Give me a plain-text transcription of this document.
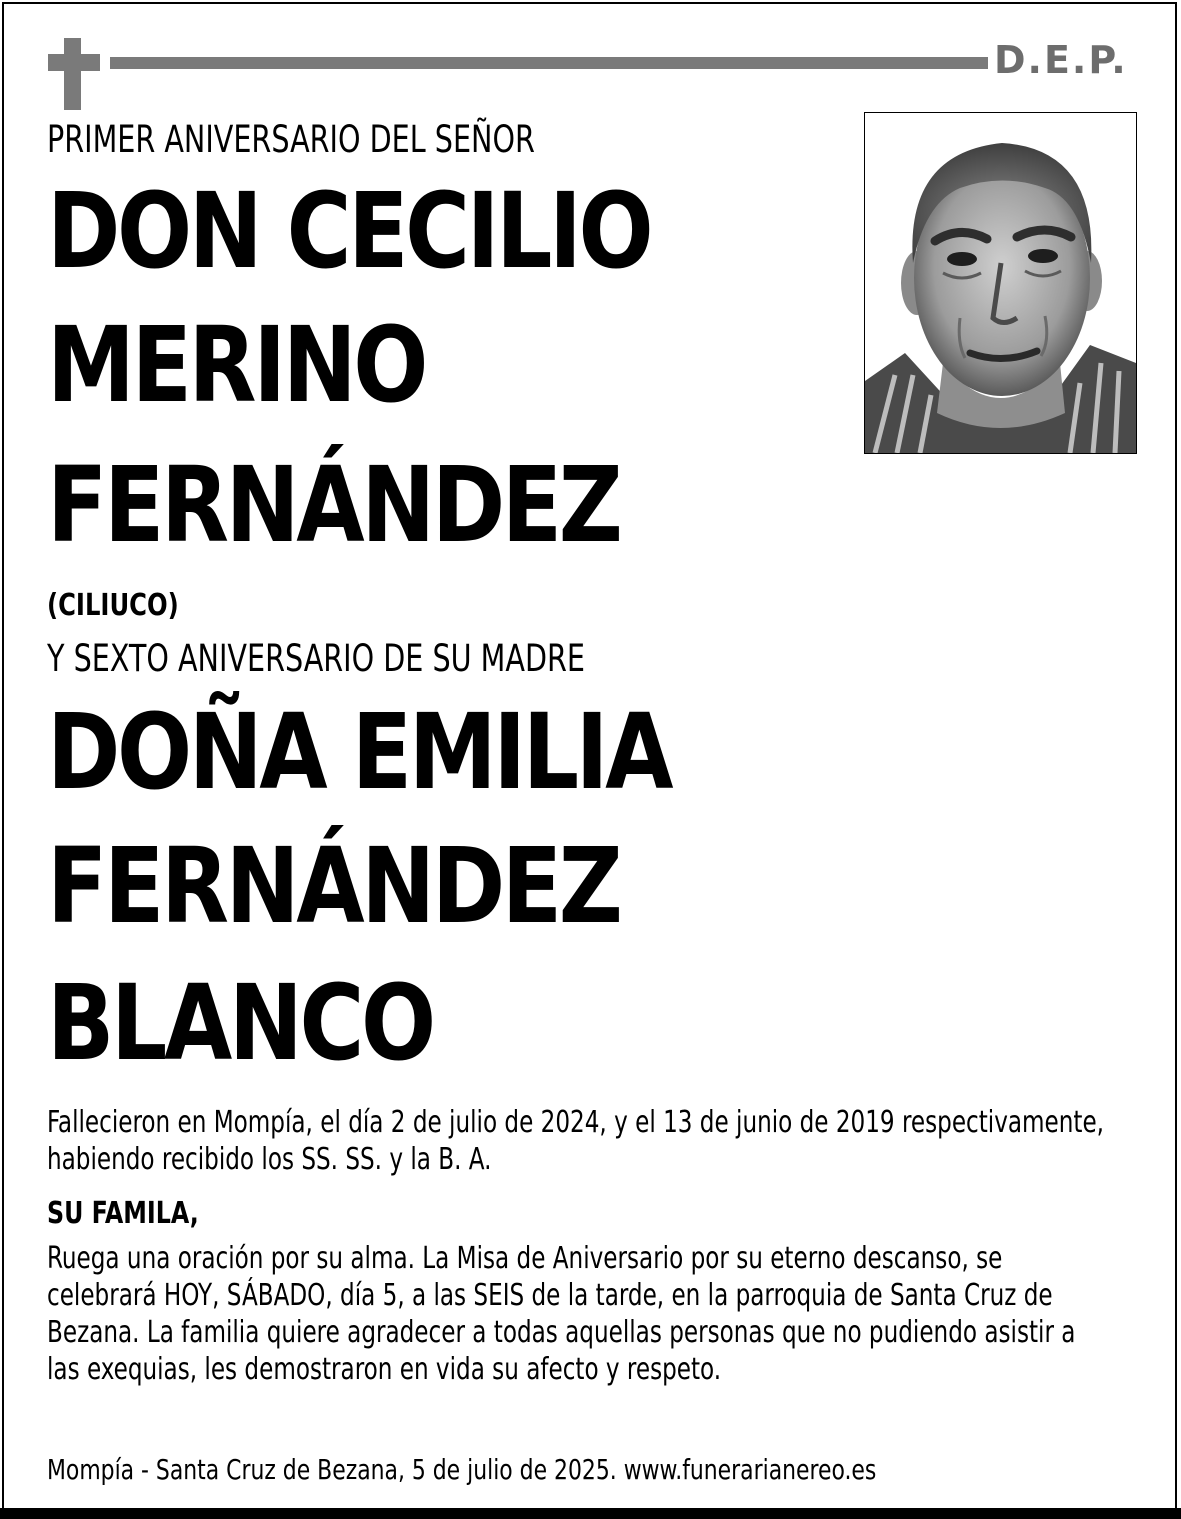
D.E.P.

PRIMER ANIVERSARIO DEL SEÑOR

DON CECILIO

MERINO

FERNÁNDEZ

(CILIUCO)

Y SEXTO ANIVERSARIO DE SU MADRE

DOÑA EMILIA

FERNÁNDEZ

BLANCO

Fallecieron en Mompía, el día 2 de julio de 2024, y el 13 de junio de 2019 respectivamente, habiendo recibido los SS. SS. y la B. A.

SU FAMILA,

Ruega una oración por su alma. La Misa de Aniversario por su eterno descanso, se celebrará HOY, SÁBADO, día 5, a las SEIS de la tarde, en la parroquia de Santa Cruz de Bezana. La familia quiere agradecer a todas aquellas personas que no pudiendo asistir a las exequias, les demostraron en vida su afecto y respeto.

Mompía - Santa Cruz de Bezana, 5 de julio de 2025. www.funerarianereo.es
